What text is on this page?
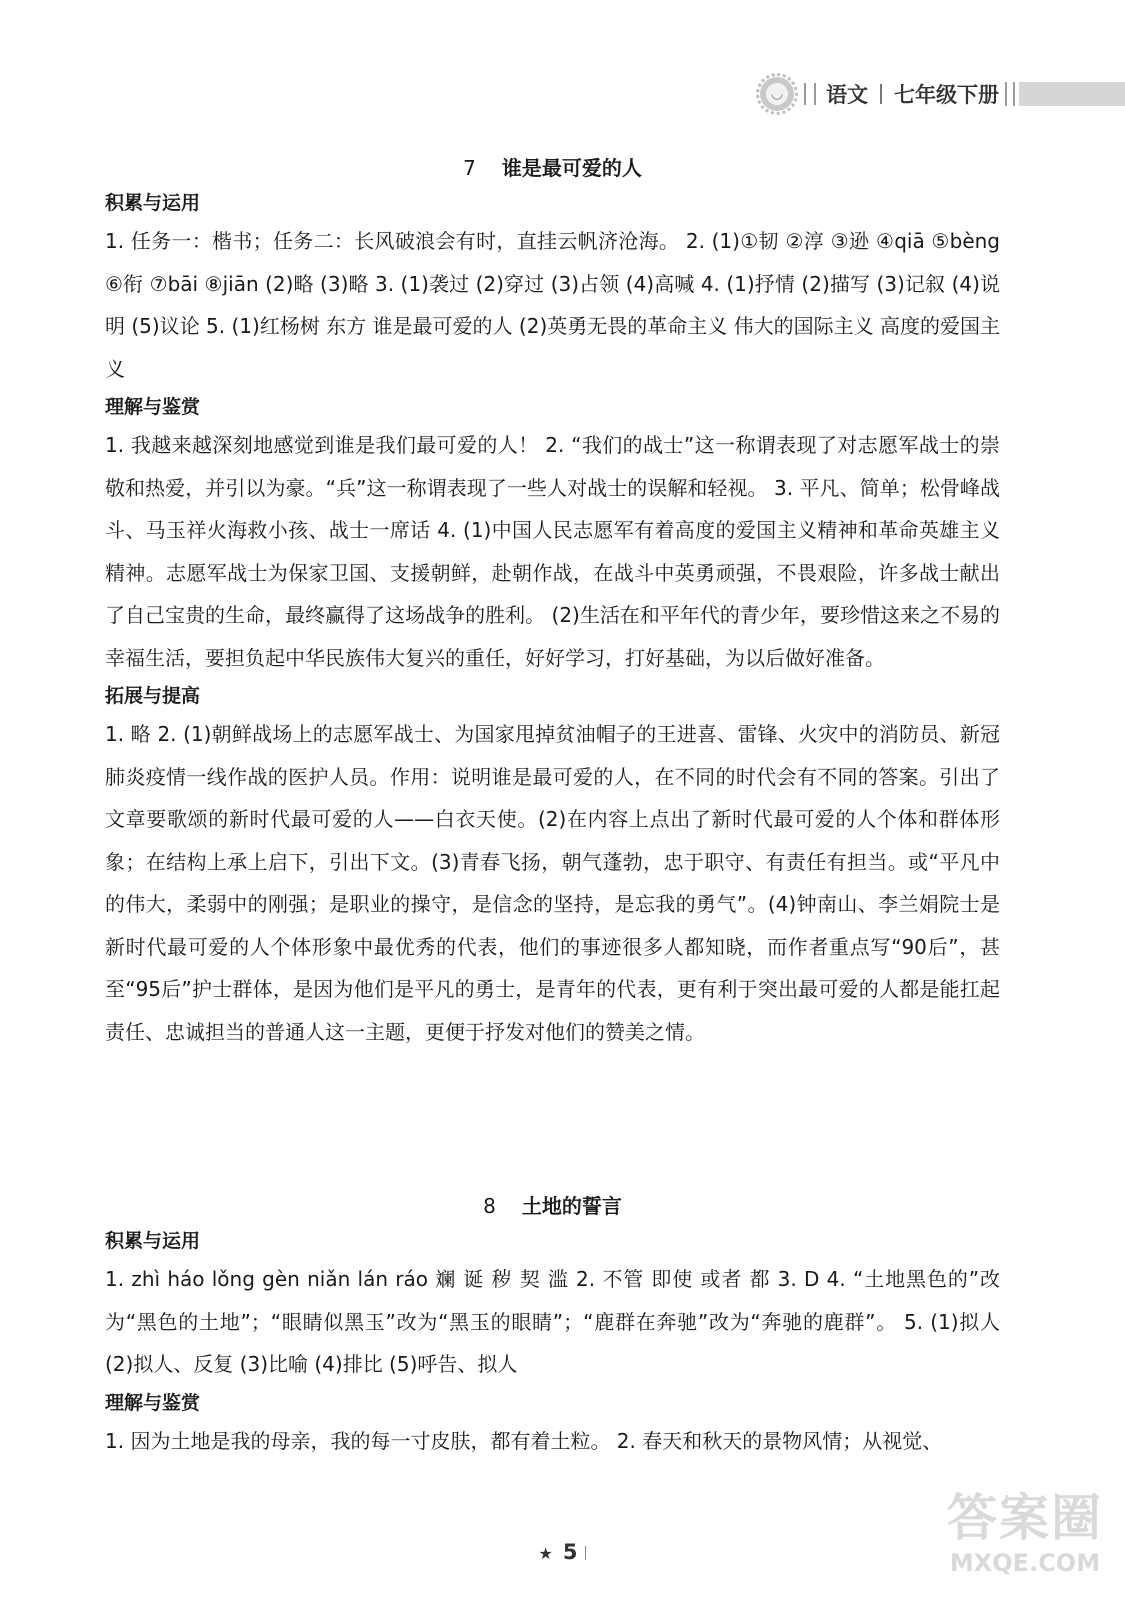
◡	语文 七年级下册
7 谁是最可爱的人
积累与运用

1. 任务一：楷书；任务二：长风破浪会有时，直挂云帆济沧海。 2. (1)①韧 ②淳 ③逊 ④qiā ⑤bèng ⑥衔 ⑦bāi ⑧jiān (2)略 (3)略 3. (1)袭过 (2)穿过 (3)占领 (4)高喊 4. (1)抒情 (2)描写 (3)记叙 (4)说明 (5)议论 5. (1)红杨树 东方 谁是最可爱的人 (2)英勇无畏的革命主义 伟大的国际主义 高度的爱国主义

理解与鉴赏

1. 我越来越深刻地感觉到谁是我们最可爱的人！ 2. “我们的战士”这一称谓表现了对志愿军战士的崇敬和热爱，并引以为豪。“兵”这一称谓表现了一些人对战士的误解和轻视。 3. 平凡、简单；松骨峰战斗、马玉祥火海救小孩、战士一席话 4. (1)中国人民志愿军有着高度的爱国主义精神和革命英雄主义精神。志愿军战士为保家卫国、支援朝鲜，赴朝作战，在战斗中英勇顽强，不畏艰险，许多战士献出了自己宝贵的生命，最终赢得了这场战争的胜利。 (2)生活在和平年代的青少年，要珍惜这来之不易的幸福生活，要担负起中华民族伟大复兴的重任，好好学习，打好基础，为以后做好准备。

拓展与提高

1. 略 2. (1)朝鲜战场上的志愿军战士、为国家甩掉贫油帽子的王进喜、雷锋、火灾中的消防员、新冠肺炎疫情一线作战的医护人员。作用：说明谁是最可爱的人，在不同的时代会有不同的答案。引出了文章要歌颂的新时代最可爱的人——白衣天使。(2)在内容上点出了新时代最可爱的人个体和群体形象；在结构上承上启下，引出下文。(3)青春飞扬，朝气蓬勃，忠于职守、有责任有担当。或“平凡中的伟大，柔弱中的刚强；是职业的操守，是信念的坚持，是忘我的勇气”。(4)钟南山、李兰娟院士是新时代最可爱的人个体形象中最优秀的代表，他们的事迹很多人都知晓，而作者重点写“90后”，甚至“95后”护士群体，是因为他们是平凡的勇士，是青年的代表，更有利于突出最可爱的人都是能扛起责任、忠诚担当的普通人这一主题，更便于抒发对他们的赞美之情。

8 土地的誓言
积累与运用

1. zhì háo lǒng gèn niǎn lán ráo 斓 诞 秽 契 滥 2. 不管 即使 或者 都 3. D 4. “土地黑色的”改为“黑色的土地”；“眼睛似黑玉”改为“黑玉的眼睛”；“鹿群在奔驰”改为“奔驰的鹿群”。 5. (1)拟人 (2)拟人、反复 (3)比喻 (4)排比 (5)呼告、拟人

理解与鉴赏

1. 因为土地是我的母亲，我的每一寸皮肤，都有着土粒。 2. 春天和秋天的景物风情；从视觉、

★ 5
答案圈
MXQE.COM
